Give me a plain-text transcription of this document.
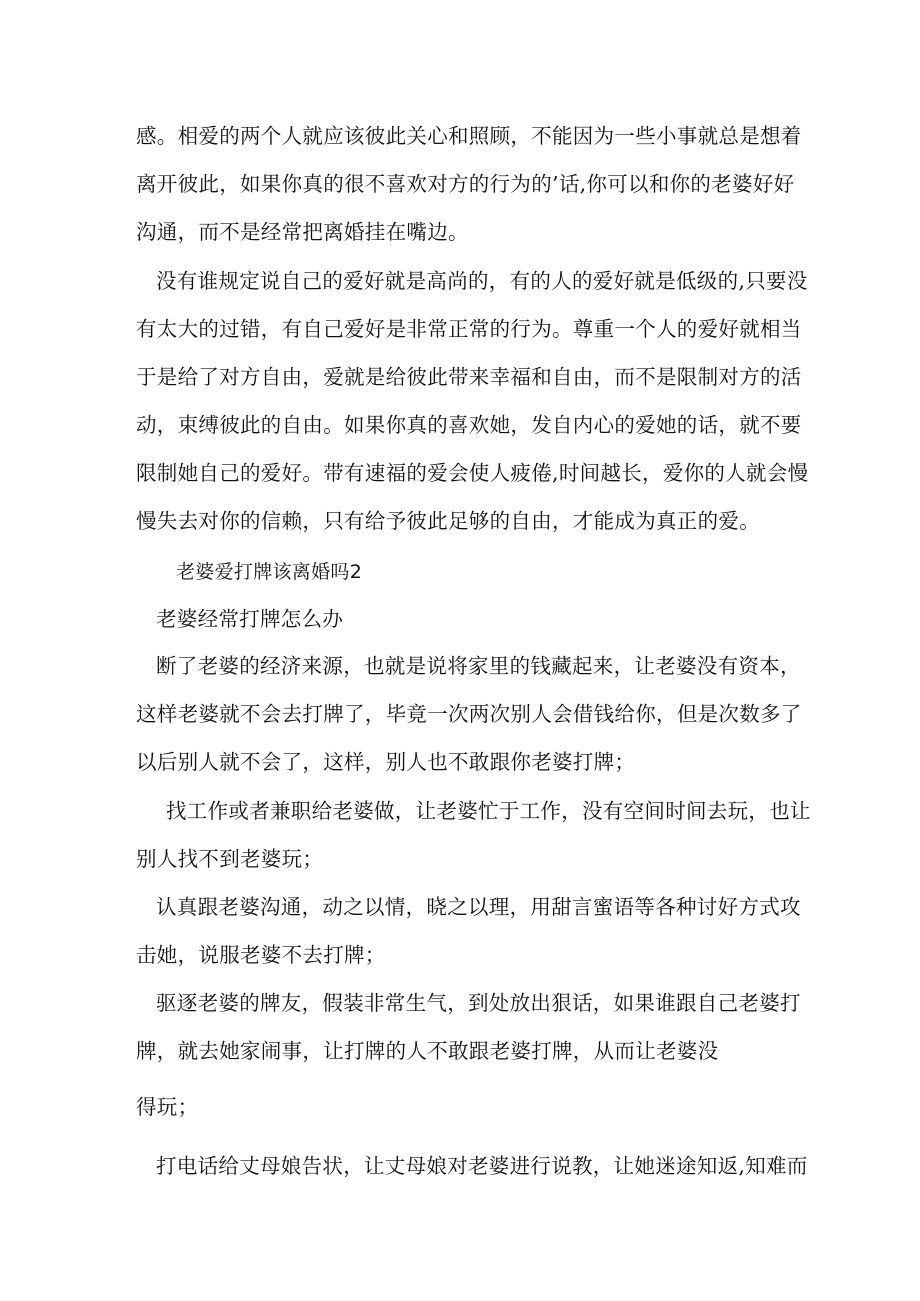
感。相爱的两个人就应该彼此关心和照顾，不能因为一些小事就总是想着
离开彼此，如果你真的很不喜欢对方的行为的’话,你可以和你的老婆好好
沟通，而不是经常把离婚挂在嘴边。
没有谁规定说自己的爱好就是高尚的，有的人的爱好就是低级的,只要没
有太大的过错，有自己爱好是非常正常的行为。尊重一个人的爱好就相当
于是给了对方自由，爱就是给彼此带来幸福和自由，而不是限制对方的活
动，束缚彼此的自由。如果你真的喜欢她，发自内心的爱她的话，就不要
限制她自己的爱好。带有速福的爱会使人疲倦,时间越长，爱你的人就会慢
慢失去对你的信赖，只有给予彼此足够的自由，才能成为真正的爱。
老婆爱打牌该离婚吗2
老婆经常打牌怎么办
断了老婆的经济来源，也就是说将家里的钱藏起来，让老婆没有资本，
这样老婆就不会去打牌了，毕竟一次两次别人会借钱给你，但是次数多了
以后别人就不会了，这样，别人也不敢跟你老婆打牌；
找工作或者兼职给老婆做，让老婆忙于工作，没有空间时间去玩，也让
别人找不到老婆玩；
认真跟老婆沟通，动之以情，晓之以理，用甜言蜜语等各种讨好方式攻
击她，说服老婆不去打牌；
驱逐老婆的牌友，假装非常生气，到处放出狠话，如果谁跟自己老婆打
牌，就去她家闹事，让打牌的人不敢跟老婆打牌，从而让老婆没
得玩；
打电话给丈母娘告状，让丈母娘对老婆进行说教，让她迷途知返,知难而
